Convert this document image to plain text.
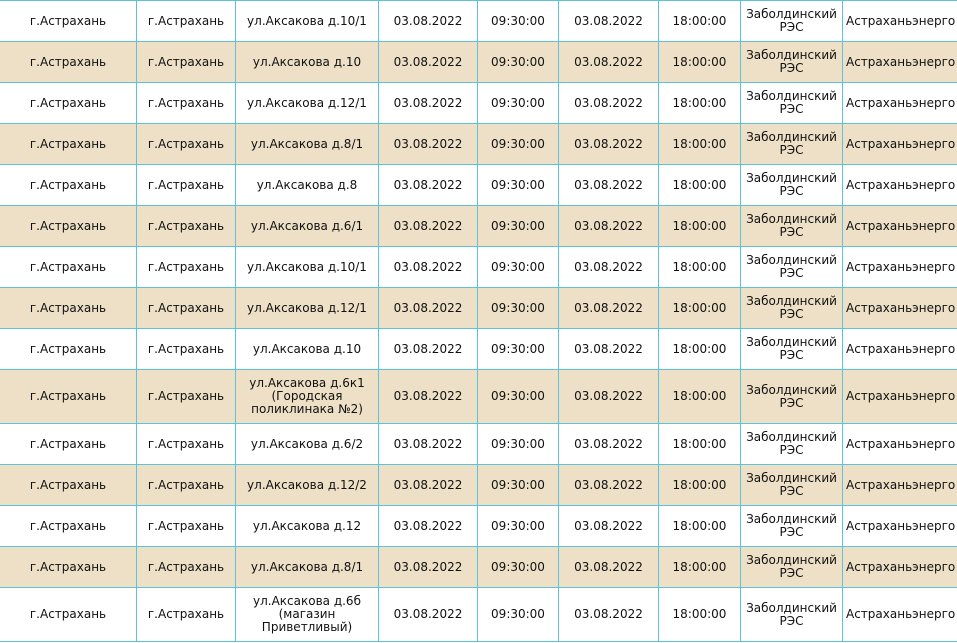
г.Астрахань	г.Астрахань	ул.Аксакова д.10/1	03.08.2022	09:30:00	03.08.2022	18:00:00	Заболдинский РЭС	Астраханьэнерго
г.Астрахань	г.Астрахань	ул.Аксакова д.10	03.08.2022	09:30:00	03.08.2022	18:00:00	Заболдинский РЭС	Астраханьэнерго
г.Астрахань	г.Астрахань	ул.Аксакова д.12/1	03.08.2022	09:30:00	03.08.2022	18:00:00	Заболдинский РЭС	Астраханьэнерго
г.Астрахань	г.Астрахань	ул.Аксакова д.8/1	03.08.2022	09:30:00	03.08.2022	18:00:00	Заболдинский РЭС	Астраханьэнерго
г.Астрахань	г.Астрахань	ул.Аксакова д.8	03.08.2022	09:30:00	03.08.2022	18:00:00	Заболдинский РЭС	Астраханьэнерго
г.Астрахань	г.Астрахань	ул.Аксакова д.6/1	03.08.2022	09:30:00	03.08.2022	18:00:00	Заболдинский РЭС	Астраханьэнерго
г.Астрахань	г.Астрахань	ул.Аксакова д.10/1	03.08.2022	09:30:00	03.08.2022	18:00:00	Заболдинский РЭС	Астраханьэнерго
г.Астрахань	г.Астрахань	ул.Аксакова д.12/1	03.08.2022	09:30:00	03.08.2022	18:00:00	Заболдинский РЭС	Астраханьэнерго
г.Астрахань	г.Астрахань	ул.Аксакова д.10	03.08.2022	09:30:00	03.08.2022	18:00:00	Заболдинский РЭС	Астраханьэнерго
г.Астрахань	г.Астрахань	ул.Аксакова д.6к1 (Городская поликлинака №2)	03.08.2022	09:30:00	03.08.2022	18:00:00	Заболдинский РЭС	Астраханьэнерго
г.Астрахань	г.Астрахань	ул.Аксакова д.6/2	03.08.2022	09:30:00	03.08.2022	18:00:00	Заболдинский РЭС	Астраханьэнерго
г.Астрахань	г.Астрахань	ул.Аксакова д.12/2	03.08.2022	09:30:00	03.08.2022	18:00:00	Заболдинский РЭС	Астраханьэнерго
г.Астрахань	г.Астрахань	ул.Аксакова д.12	03.08.2022	09:30:00	03.08.2022	18:00:00	Заболдинский РЭС	Астраханьэнерго
г.Астрахань	г.Астрахань	ул.Аксакова д.8/1	03.08.2022	09:30:00	03.08.2022	18:00:00	Заболдинский РЭС	Астраханьэнерго
г.Астрахань	г.Астрахань	ул.Аксакова д.6б (магазин Приветливый)	03.08.2022	09:30:00	03.08.2022	18:00:00	Заболдинский РЭС	Астраханьэнерго
